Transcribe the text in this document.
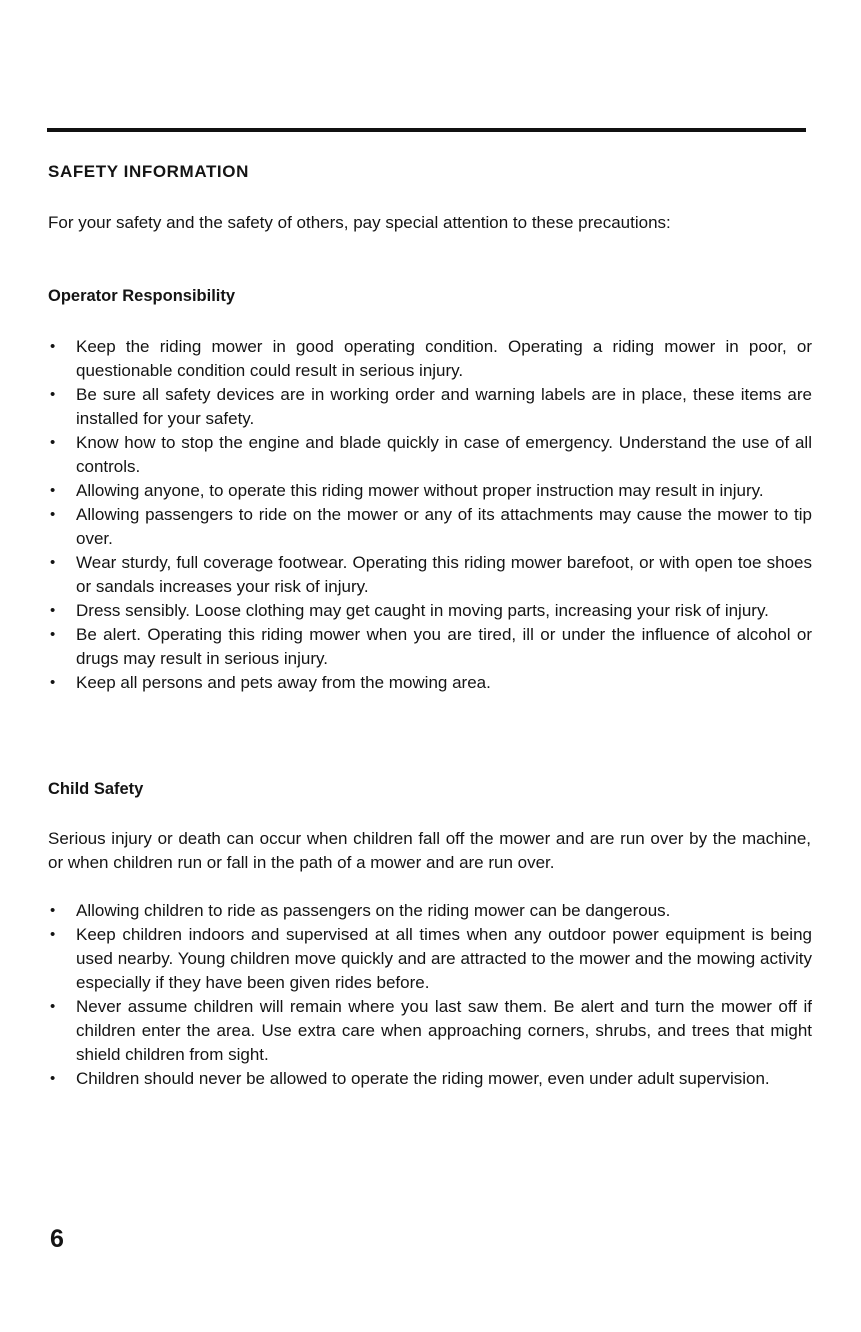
SAFETY INFORMATION

For your safety and the safety of others, pay special attention to these precautions:

Operator Responsibility
• Keep the riding mower in good operating condition. Operating a riding mower in poor, or questionable condition could result in serious injury.
• Be sure all safety devices are in working order and warning labels are in place, these items are installed for your safety.
• Know how to stop the engine and blade quickly in case of emergency. Understand the use of all controls.
• Allowing anyone, to operate this riding mower without proper instruction may result in injury.
• Allowing passengers to ride on the mower or any of its attachments may cause the mower to tip over.
• Wear sturdy, full coverage footwear. Operating this riding mower barefoot, or with open toe shoes or sandals increases your risk of injury.
• Dress sensibly. Loose clothing may get caught in moving parts, increasing your risk of injury.
• Be alert. Operating this riding mower when you are tired, ill or under the influence of alcohol or drugs may result in serious injury.
• Keep all persons and pets away from the mowing area.
Child Safety

Serious injury or death can occur when children fall off the mower and are run over by the machine, or when children run or fall in the path of a mower and are run over.

• Allowing children to ride as passengers on the riding mower can be dangerous.
• Keep children indoors and supervised at all times when any outdoor power equipment is being used nearby. Young children move quickly and are attracted to the mower and the mowing activity especially if they have been given rides before.
• Never assume children will remain where you last saw them. Be alert and turn the mower off if children enter the area. Use extra care when approaching corners, shrubs, and trees that might shield children from sight.
• Children should never be allowed to operate the riding mower, even under adult supervision.

6
